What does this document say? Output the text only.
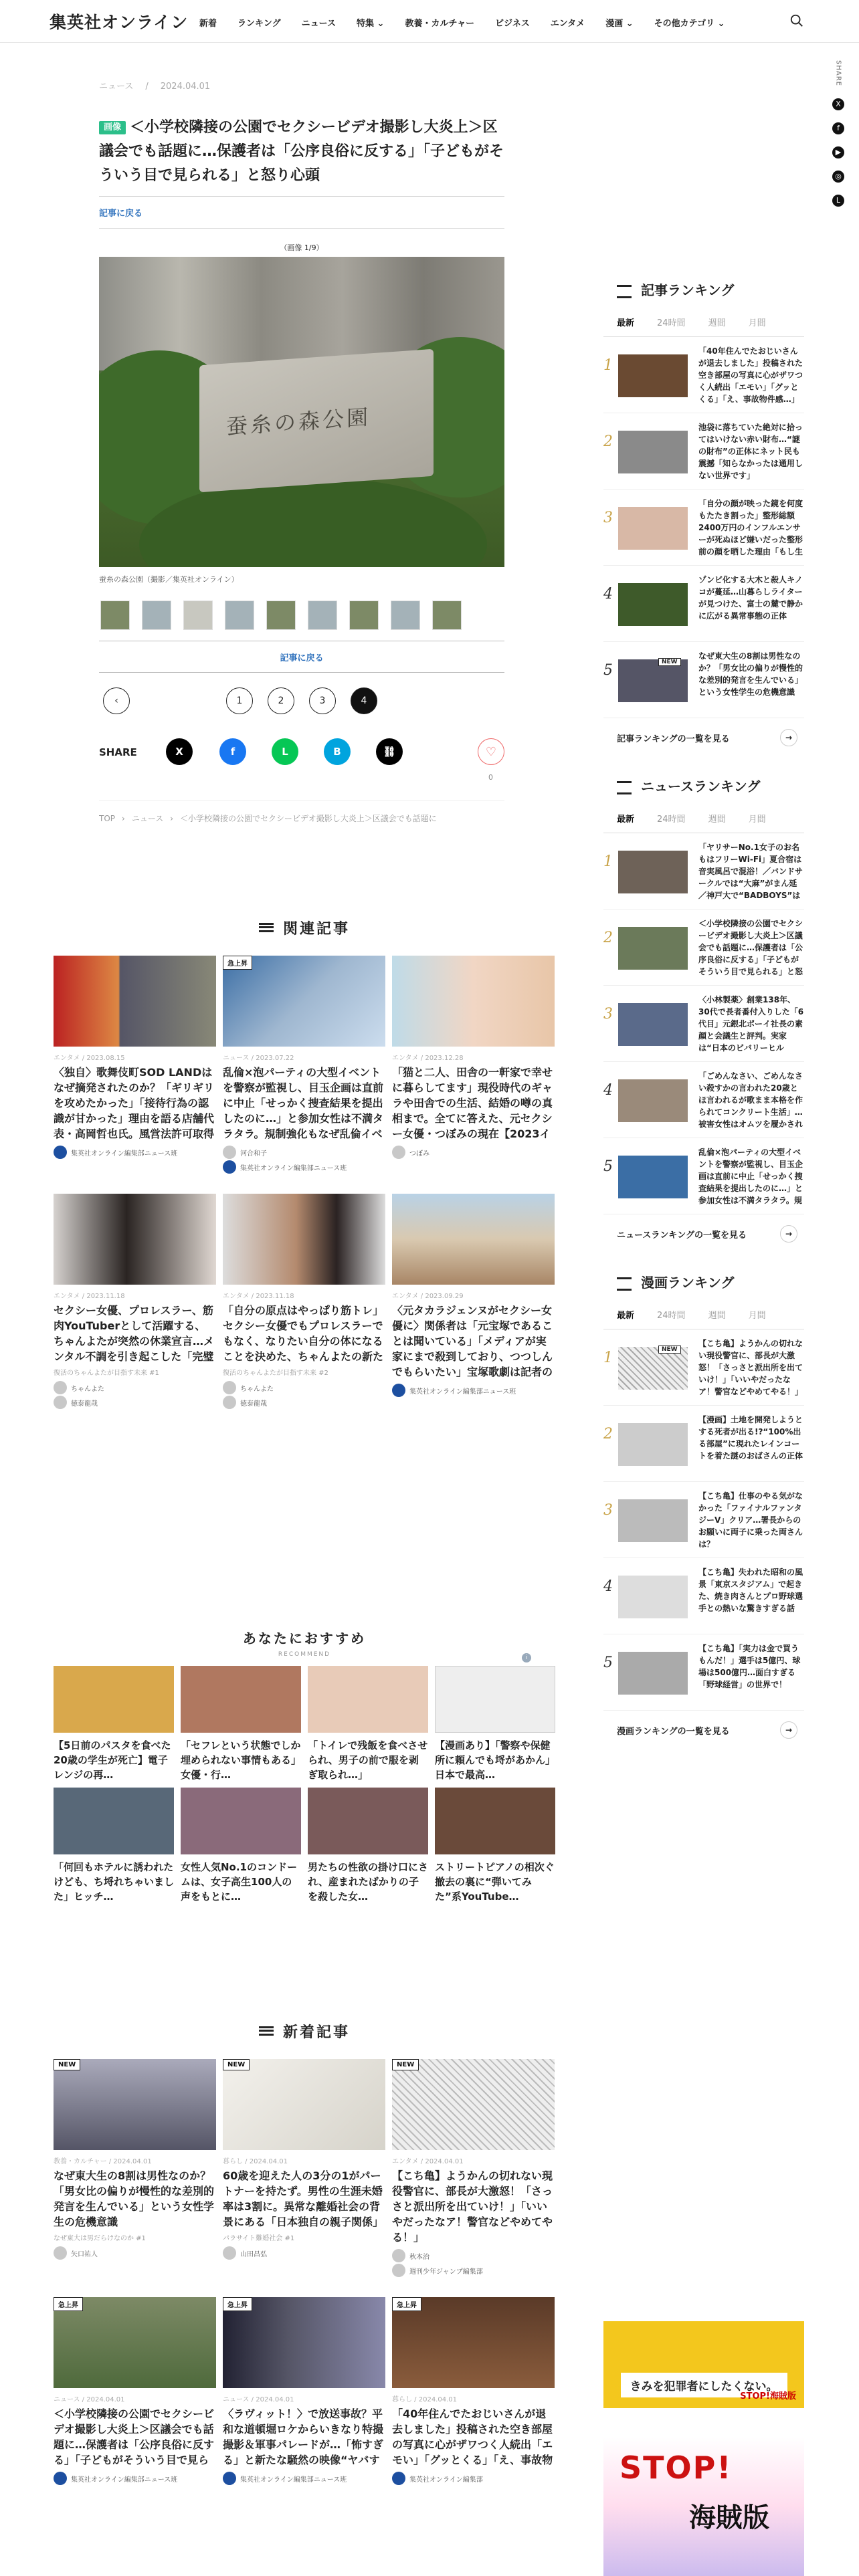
集英社オンライン 新着 ランキング ニュース 特集 ⌄ 教養・カルチャー ビジネス エンタメ 漫画 ⌄ その他カテゴリ ⌄
SHARE
X
f
▶
◎
L
ニュース / 2024.04.01
画像 ＜小学校隣接の公園でセクシービデオ撮影し大炎上＞区議会でも話題に…保護者は「公序良俗に反する」「子どもがそういう目で見られる」と怒り心頭
記事に戻る
（画像 1/9）
蚕糸の森公園
蚕糸の森公園（撮影／集英社オンライン）
記事に戻る
‹	1	2	3	4
SHARE	X	f	L	B	⛓	♡
0
TOP › ニュース › ＜小学校隣接の公園でセクシービデオ撮影し大炎上＞区議会でも話題に
関連記事
エンタメ / 2023.08.15
〈独自〉歌舞伎町SOD LANDはなぜ摘発されたのか？「ギリギリを攻めたかった」「接待行為の認識が甘かった」理由を語る店舗代表・高岡哲也氏。風営法許可取得
集英社オンライン編集部ニュース班
急上昇
ニュース / 2023.07.22
乱倫×泡パーティの大型イベントを警察が監視し、目玉企画は直前に中止「せっかく捜査結果を提出したのに…」と参加女性は不満タラタラ。規制強化もなぜ乱倫イベ
河合和子
集英社オンライン編集部ニュース班
エンタメ / 2023.12.28
「猫と二人、田舎の一軒家で幸せに暮らしてます」現役時代のギャラや田舎での生活、結婚の噂の真相まで。全てに答えた、元セクシー女優・つぼみの現在【2023イ
つぼみ
エンタメ / 2023.11.18
セクシー女優、プロレスラー、筋肉YouTuberとして活躍する、ちゃんよたが突然の休業宣言…メンタル不調を引き起こした「完璧
復活のちゃんよたが目指す未来 #1
ちゃんよた
徳泰龍哉
エンタメ / 2023.11.18
「自分の原点はやっぱり筋トレ」セクシー女優でもプロレスラーでもなく、なりたい自分の体になることを決めた、ちゃんよたの新た
復活のちゃんよたが目指す未来 #2
ちゃんよた
徳泰龍哉
エンタメ / 2023.09.29
〈元タカラジェンヌがセクシー女優に〉関係者は「元宝塚であることは聞いている」「メディアが実家にまで殺到しており、つつしんでもらいたい」宝塚歌劇は記者の
集英社オンライン編集部ニュース班
あなたにおすすめ
RECOMMEND	i
【5日前のパスタを食べた20歳の学生が死亡】電子レンジの再…
「セフレという状態でしか埋められない事情もある」女優・行…
「トイレで残飯を食べさせられ、男子の前で服を剥ぎ取られ…」
【漫画あり】「警察や保健所に頼んでも埒があかん」日本で最高…
「何回もホテルに誘われたけども、ち埒れちゃいました」ヒッチ…
女性人気No.1のコンドームは、女子高生100人の声をもとに…
男たちの性欲の掛け口にされ、産まれたばかりの子を殺した女…
ストリートピアノの相次ぐ撤去の裏に“弾いてみた”系YouTube…
新着記事
NEW
教養・カルチャー / 2024.04.01
なぜ東大生の8割は男性なのか？「男女比の偏りが慢性的な差別的発言を生んでいる」という女性学生の危機意識
なぜ東大は男だらけなのか #1
矢口祐人
NEW
暮らし / 2024.04.01
60歳を迎えた人の3分の1がパートナーを持たず。男性の生涯未婚率は3割に。異常な離婚社会の背景にある「日本独自の親子関係」
パラサイト難婚社会 #1
山田昌弘
NEW
エンタメ / 2024.04.01
【こち亀】ようかんの切れない現役警官に、部長が大激怒！「さっさと派出所を出ていけ！」「いいやだったなア！警官などやめてやる！」
秋本治
週刊少年ジャンプ編集部
急上昇
ニュース / 2024.04.01
＜小学校隣接の公園でセクシービデオ撮影し大炎上＞区議会でも話題に…保護者は「公序良俗に反する」「子どもがそういう目で見ら
集英社オンライン編集部ニュース班
急上昇
ニュース / 2024.04.01
〈ラヴィット！〉で放送事故？平和な道頓堀ロケからいきなり特撮撮影＆軍事パレードが…「怖すぎる」と新たな騒然の映像“ヤバす
集英社オンライン編集部ニュース班
急上昇
暮らし / 2024.04.01
「40年住んでたおじいさんが退去しました」投稿された空き部屋の写真に心がザワつく人続出「エモい」「グッとくる」「え、事故物
集英社オンライン編集部
記事ランキング
最新	24時間	週間	月間
1
「40年住んでたおじいさんが退去しました」投稿された空き部屋の写真に心がザワつく人続出「エモい」「グッとくる」「え、事故物件感…」
2
池袋に落ちていた絶対に拾ってはいけない赤い財布…“謎の財布”の正体にネット民も震撼「知らなかったは通用しない世界です」
3
「自分の顔が映った鏡を何度もたたき割った」整形総額2400万円のインフルエンサーが死ぬほど嫌いだった整形前の顔を晒した理由「もし生
4
ゾンビ化する大木と殺人キノコが蔓延…山暮らしライターが見つけた、富士の麓で静かに広がる異常事態の正体
5	NEW
なぜ東大生の8割は男性なのか？「男女比の偏りが慢性的な差別的発言を生んでいる」という女性学生の危機意識
記事ランキングの一覧を見る	→
ニュースランキング
最新	24時間	週間	月間
1
「ヤリサーNo.1女子のお名もはフリーWi-Fi」夏合宿は音実風呂で混浴！／バンドサークルでは“大麻”がまん延／神戸大で“BADBOYS”は
2
＜小学校隣接の公園でセクシービデオ撮影し大炎上＞区議会でも話題に…保護者は「公序良俗に反する」「子どもがそういう目で見られる」と怒
3
〈小林製薬〉創業138年、30代で長者番付入りした「6代目」元銀北ポーイ社長の素顔と会議生と評判。実家は“日本のビバリーヒル
4
「ごめんなさい、ごめんなさい殺すかの言われた20歳とほ言われるが歌まま本格を作られてコンクリート生活」…被害女性はオムツを履かされ
5
乱倫×泡パーティの大型イベントを警察が監視し、目玉企画は直前に中止「せっかく捜査結果を提出したのに…」と参加女性は不満タラタラ。規
ニュースランキングの一覧を見る	→
漫画ランキング
最新	24時間	週間	月間
1	NEW
【こち亀】ようかんの切れない現役警官に、部長が大激怒！「さっさと派出所を出ていけ！」「いいやだったなア！警官などやめてやる！」
2
【漫画】土地を開発しようとする死者が出る!?“100%出る部屋”に現れたレインコートを着た謎のおばさんの正体
3
【こち亀】仕事のやる気がなかった「ファイナルファンタジーV」クリア…署長からのお願いに両子に乗った両さんは？
4
【こち亀】失われた昭和の風景「東京スタジアム」で起きた、焼き肉さんとプロ野球選手との熱いな驚きすぎる話
5
【こち亀】「実力は金で買うもんだ！」選手は5億円、球場は500億円…面白すぎる「野球経営」の世界で！
漫画ランキングの一覧を見る	→
きみを犯罪者にしたくない。
STOP!海賊版
STOP!
海賊版
